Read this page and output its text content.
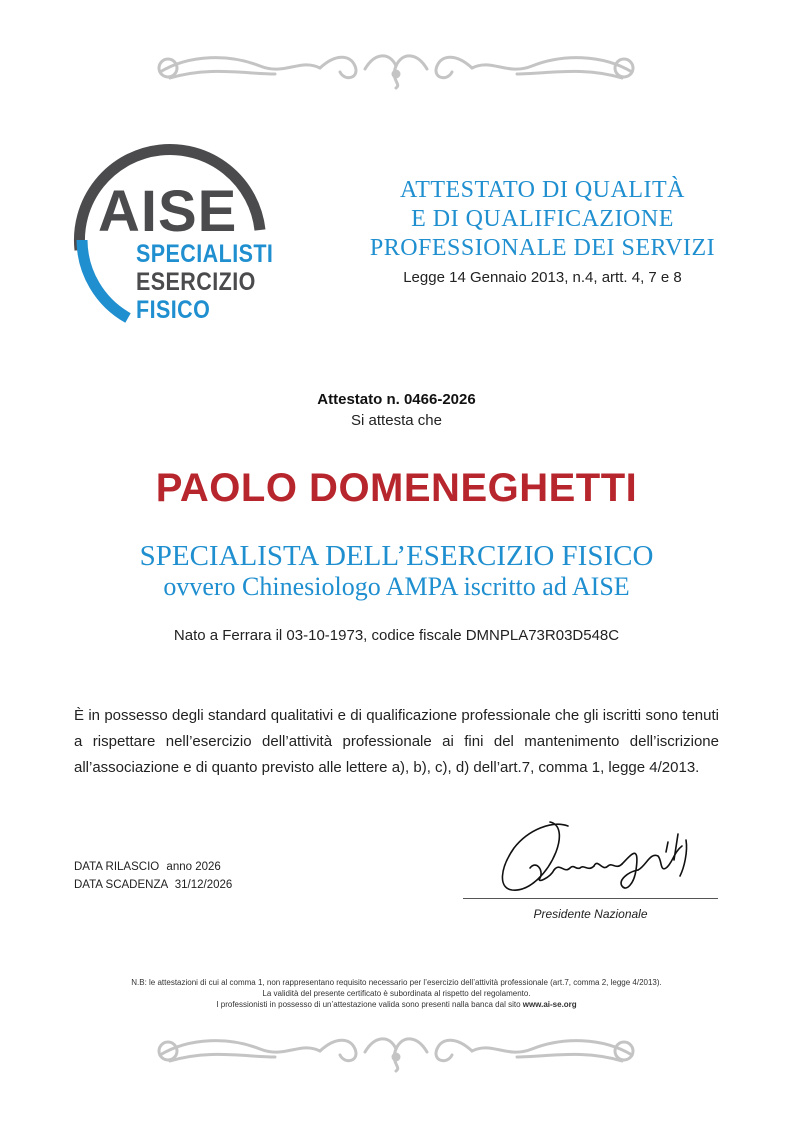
AISE
SPECIALISTI
ESERCIZIO
FISICO
ATTESTATO DI QUALITÀ
E DI QUALIFICAZIONE
PROFESSIONALE DEI SERVIZI
Legge 14 Gennaio 2013, n.4, artt. 4, 7 e 8
Attestato n. 0466-2026
Si attesta che
PAOLO DOMENEGHETTI
SPECIALISTA DELL’ESERCIZIO FISICO
ovvero Chinesiologo AMPA iscritto ad AISE
Nato a Ferrara il 03-10-1973, codice fiscale DMNPLA73R03D548C
È in possesso degli standard qualitativi e di qualificazione professionale che gli iscritti sono tenuti a rispettare nell’esercizio dell’attività professionale ai fini del mantenimento dell’iscrizione all’associazione e di quanto previsto alle lettere a), b), c), d) dell’art.7, comma 1, legge 4/2013.
DATA RILASCIO anno 2026
DATA SCADENZA 31/12/2026
Presidente Nazionale
N.B: le attestazioni di cui al comma 1, non rappresentano requisito necessario per l’esercizio dell’attività professionale (art.7, comma 2, legge 4/2013).
La validità del presente certificato è subordinata al rispetto del regolamento.
I professionisti in possesso di un’attestazione valida sono presenti nalla banca dal sito www.ai-se.org
